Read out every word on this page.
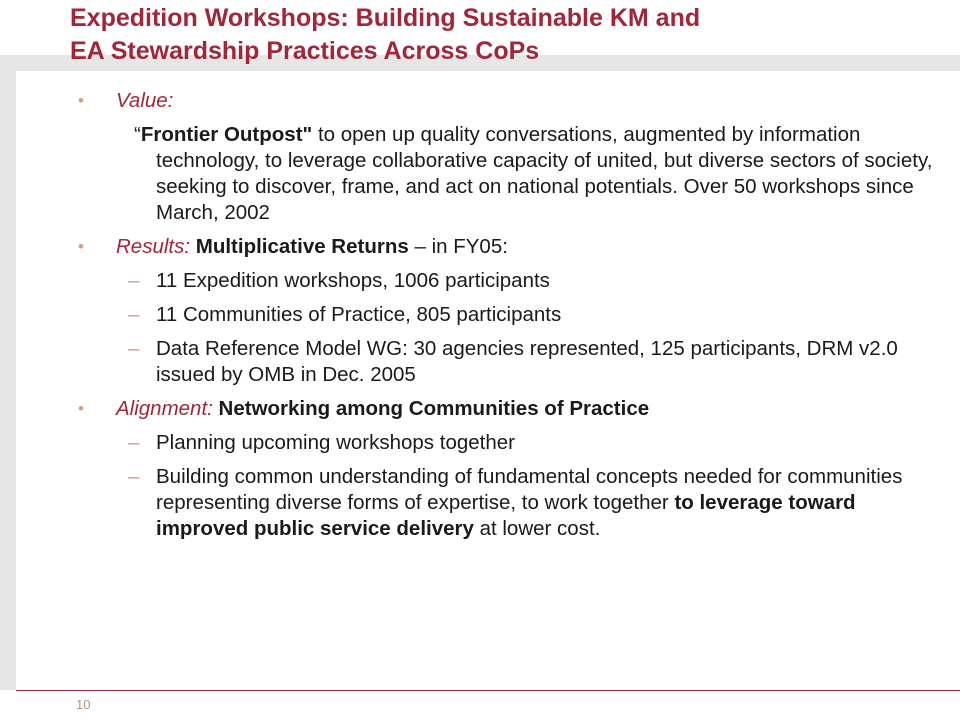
Expedition Workshops: Building Sustainable KM and
EA Stewardship Practices Across CoPs
• Value:
“Frontier Outpost" to open up quality conversations, augmented by information technology, to leverage collaborative capacity of united, but diverse sectors of society, seeking to discover, frame, and act on national potentials. Over 50 workshops since March, 2002
• Results: Multiplicative Returns – in FY05:
– 11 Expedition workshops, 1006 participants
– 11 Communities of Practice, 805 participants
– Data Reference Model WG: 30 agencies represented, 125 participants, DRM v2.0 issued by OMB in Dec. 2005
• Alignment: Networking among Communities of Practice
– Planning upcoming workshops together
– Building common understanding of fundamental concepts needed for communities representing diverse forms of expertise, to work together to leverage toward improved public service delivery at lower cost.
10
